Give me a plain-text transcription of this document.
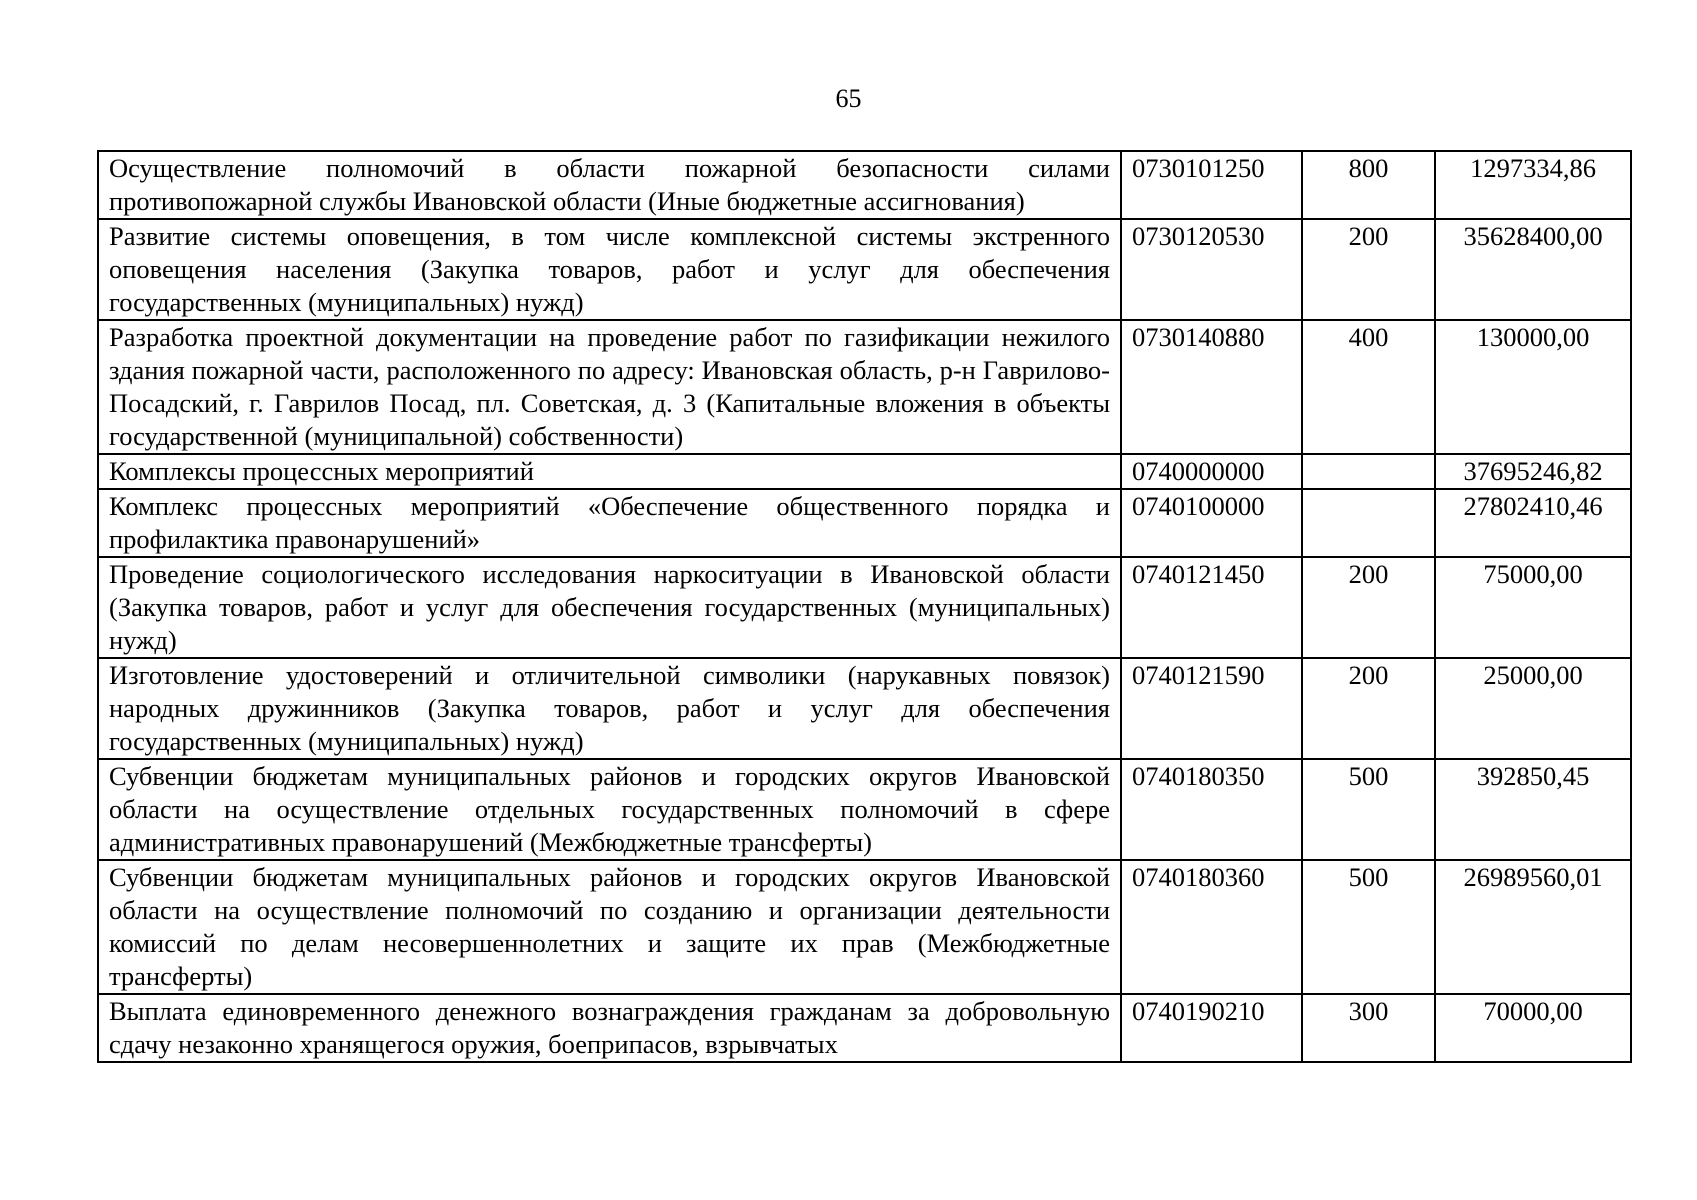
65
Осуществление полномочий в области пожарной безопасности силами противопожарной службы Ивановской области (Иные бюджетные ассигнования)	0730101250	800	1297334,86
Развитие системы оповещения, в том числе комплексной системы экстренного оповещения населения (Закупка товаров, работ и услуг для обеспечения государственных (муниципальных) нужд)	0730120530	200	35628400,00
Разработка проектной документации на проведение работ по газификации нежилого здания пожарной части, расположенного по адресу: Ивановская область, р-н Гаврилово-Посадский, г. Гаврилов Посад, пл. Советская, д. 3 (Капитальные вложения в объекты государственной (муниципальной) собственности)	0730140880	400	130000,00
Комплексы процессных мероприятий	0740000000		37695246,82
Комплекс процессных мероприятий «Обеспечение общественного порядка и профилактика правонарушений»	0740100000		27802410,46
Проведение социологического исследования наркоситуации в Ивановской области (Закупка товаров, работ и услуг для обеспечения государственных (муниципальных) нужд)	0740121450	200	75000,00
Изготовление удостоверений и отличительной символики (нарукавных повязок) народных дружинников (Закупка товаров, работ и услуг для обеспечения государственных (муниципальных) нужд)	0740121590	200	25000,00
Субвенции бюджетам муниципальных районов и городских округов Ивановской области на осуществление отдельных государственных полномочий в сфере административных правонарушений (Межбюджетные трансферты)	0740180350	500	392850,45
Субвенции бюджетам муниципальных районов и городских округов Ивановской области на осуществление полномочий по созданию и организации деятельности комиссий по делам несовершеннолетних и защите их прав (Межбюджетные трансферты)	0740180360	500	26989560,01
Выплата единовременного денежного вознаграждения гражданам за добровольную сдачу незаконно хранящегося оружия, боеприпасов, взрывчатых	0740190210	300	70000,00
